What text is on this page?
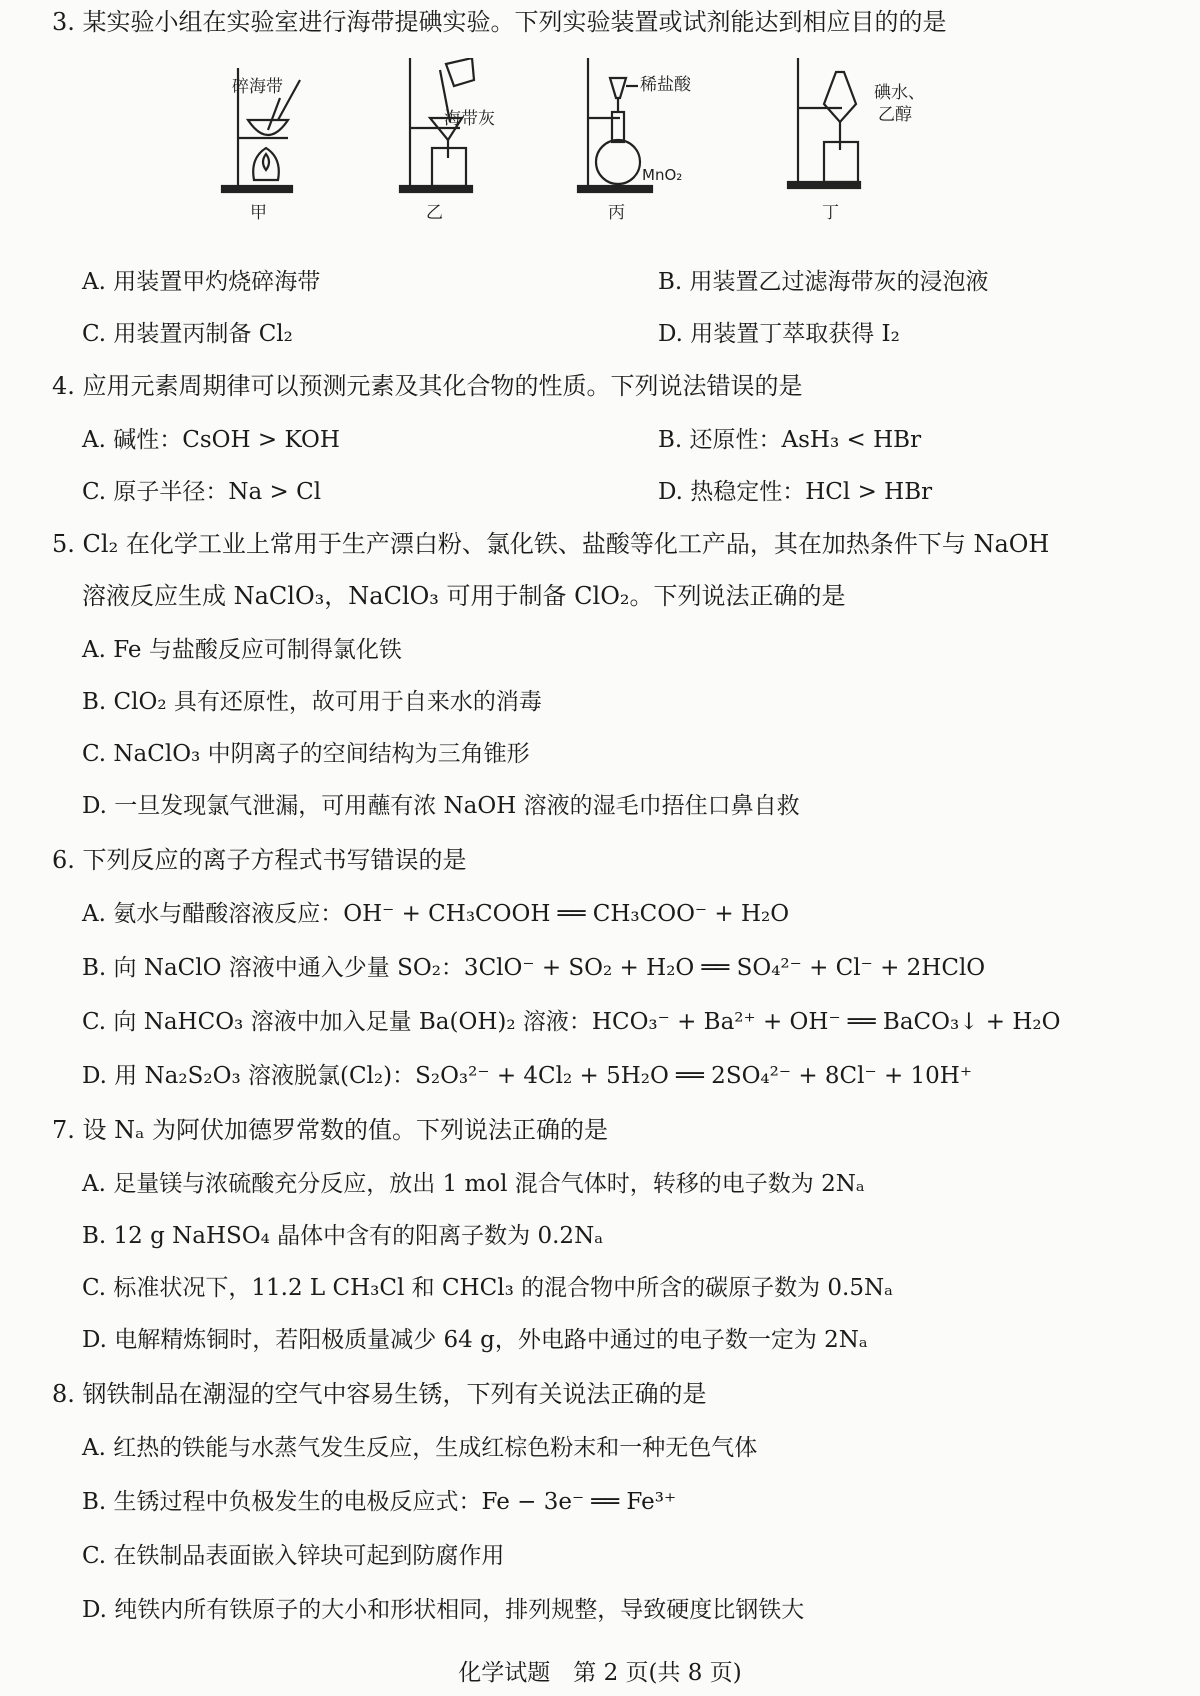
3. 某实验小组在实验室进行海带提碘实验。下列实验装置或试剂能达到相应目的的是
碎海带
甲
海带灰
乙
稀盐酸
MnO₂
丙
碘水、
乙醇
丁
A. 用装置甲灼烧碎海带	B. 用装置乙过滤海带灰的浸泡液
C. 用装置丙制备 Cl₂	D. 用装置丁萃取获得 I₂
4. 应用元素周期律可以预测元素及其化合物的性质。下列说法错误的是
A. 碱性：CsOH > KOH	B. 还原性：AsH₃ < HBr
C. 原子半径：Na > Cl	D. 热稳定性：HCl > HBr
5. Cl₂ 在化学工业上常用于生产漂白粉、氯化铁、盐酸等化工产品，其在加热条件下与 NaOH
溶液反应生成 NaClO₃，NaClO₃ 可用于制备 ClO₂。下列说法正确的是
A. Fe 与盐酸反应可制得氯化铁
B. ClO₂ 具有还原性，故可用于自来水的消毒
C. NaClO₃ 中阴离子的空间结构为三角锥形
D. 一旦发现氯气泄漏，可用蘸有浓 NaOH 溶液的湿毛巾捂住口鼻自救
6. 下列反应的离子方程式书写错误的是
A. 氨水与醋酸溶液反应：OH⁻ + CH₃COOH ══ CH₃COO⁻ + H₂O
B. 向 NaClO 溶液中通入少量 SO₂：3ClO⁻ + SO₂ + H₂O ══ SO₄²⁻ + Cl⁻ + 2HClO
C. 向 NaHCO₃ 溶液中加入足量 Ba(OH)₂ 溶液：HCO₃⁻ + Ba²⁺ + OH⁻ ══ BaCO₃↓ + H₂O
D. 用 Na₂S₂O₃ 溶液脱氯(Cl₂)：S₂O₃²⁻ + 4Cl₂ + 5H₂O ══ 2SO₄²⁻ + 8Cl⁻ + 10H⁺
7. 设 Nₐ 为阿伏加德罗常数的值。下列说法正确的是
A. 足量镁与浓硫酸充分反应，放出 1 mol 混合气体时，转移的电子数为 2Nₐ
B. 12 g NaHSO₄ 晶体中含有的阳离子数为 0.2Nₐ
C. 标准状况下，11.2 L CH₃Cl 和 CHCl₃ 的混合物中所含的碳原子数为 0.5Nₐ
D. 电解精炼铜时，若阳极质量减少 64 g，外电路中通过的电子数一定为 2Nₐ
8. 钢铁制品在潮湿的空气中容易生锈，下列有关说法正确的是
A. 红热的铁能与水蒸气发生反应，生成红棕色粉末和一种无色气体
B. 生锈过程中负极发生的电极反应式：Fe − 3e⁻ ══ Fe³⁺
C. 在铁制品表面嵌入锌块可起到防腐作用
D. 纯铁内所有铁原子的大小和形状相同，排列规整，导致硬度比钢铁大
化学试题　第 2 页(共 8 页)
